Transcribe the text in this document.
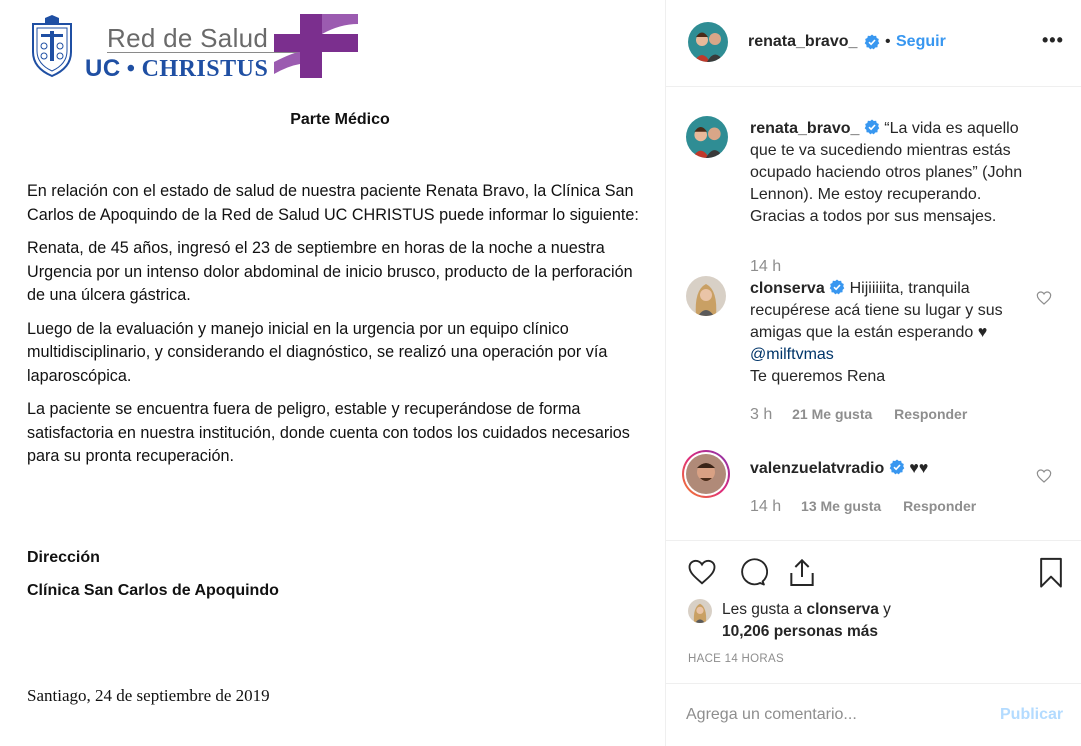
Red de Salud
UC • CHRISTUS
Parte Médico

En relación con el estado de salud de nuestra paciente Renata Bravo, la Clínica San Carlos de Apoquindo de la Red de Salud UC CHRISTUS puede informar lo siguiente:

Renata, de 45 años, ingresó el 23 de septiembre en horas de la noche a nuestra Urgencia por un intenso dolor abdominal de inicio brusco, producto de la perforación de una úlcera gástrica.

Luego de la evaluación y manejo inicial en la urgencia por un equipo clínico multidisciplinario, y considerando el diagnóstico, se realizó una operación por vía laparoscópica.

La paciente se encuentra fuera de peligro, estable y recuperándose de forma satisfactoria en nuestra institución, donde cuenta con todos los cuidados necesarios para su pronta recuperación.

Dirección
Clínica San Carlos de Apoquindo
Santiago, 24 de septiembre de 2019
renata_bravo_ • Seguir	•••
renata_bravo_ “La vida es aquello que te va sucediendo mientras estás ocupado haciendo otros planes” (John Lennon). Me estoy recuperando. Gracias a todos por sus mensajes.
14 h
clonserva Hijiiiiita, tranquila recupérese acá tiene su lugar y sus amigas que la están esperando ♥
@milftvmas
Te queremos Rena
3 h 21 Me gusta Responder
valenzuelatvradio ♥♥
14 h 13 Me gusta Responder
Les gusta a clonserva y
10,206 personas más
HACE 14 HORAS
Agrega un comentario...
Publicar
